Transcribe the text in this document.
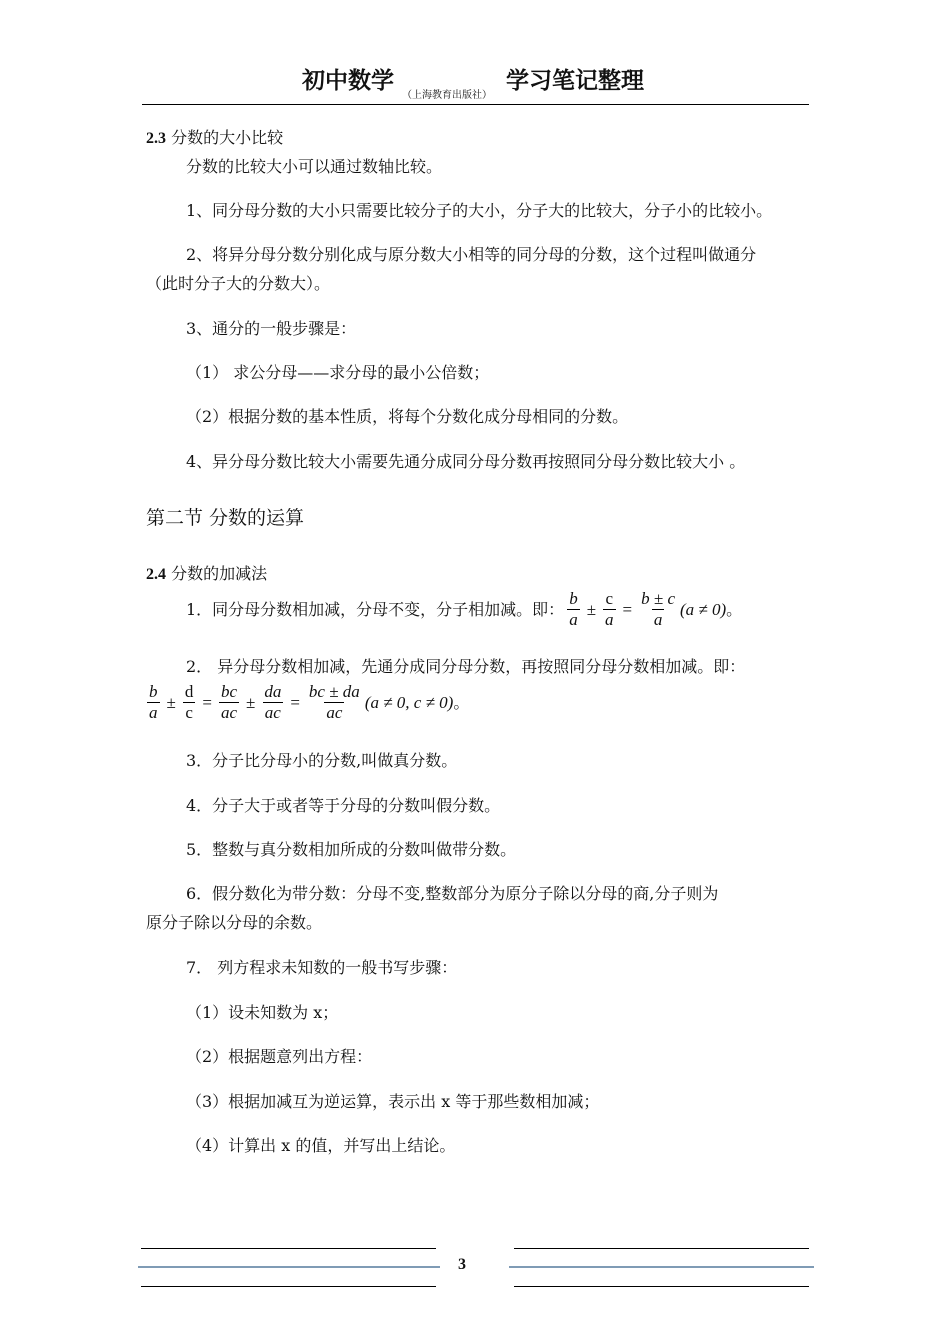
初中数学
（上海教育出版社）
学习笔记整理
2.3 分数的大小比较
分数的比较大小可以通过数轴比较。
1、同分母分数的大小只需要比较分子的大小，分子大的比较大，分子小的比较小。
2、将异分母分数分别化成与原分数大小相等的同分母的分数，这个过程叫做通分
（此时分子大的分数大）。
3、通分的一般步骤是：
（1） 求公分母——求分母的最小公倍数；
（2）根据分数的基本性质，将每个分数化成分母相同的分数。
4、异分母分数比较大小需要先通分成同分母分数再按照同分母分数比较大小 。
第二节 分数的运算
2.4 分数的加减法
1．同分母分数相加减，分母不变，分子相加减。即： $\frac{b}{a} \pm \frac{c}{a} = \frac{b \pm c}{a} (a \ne 0)$ 。
2． 异分母分数相加减，先通分成同分母分数，再按照同分母分数相加减。即：
$\frac{b}{a} \pm \frac{d}{c} = \frac{bc}{ac} \pm \frac{da}{ac} = \frac{bc \pm da}{ac} (a \ne 0$, c ≠ 0) 。
3．分子比分母小的分数,叫做真分数。
4．分子大于或者等于分母的分数叫假分数。
5．整数与真分数相加所成的分数叫做带分数。
6．假分数化为带分数：分母不变,整数部分为原分子除以分母的商,分子则为
原分子除以分母的余数。
7． 列方程求未知数的一般书写步骤：
（1）设未知数为 x；
（2）根据题意列出方程：
（3）根据加减互为逆运算，表示出 x 等于那些数相加减；
（4）计算出 x 的值，并写出上结论。
3
